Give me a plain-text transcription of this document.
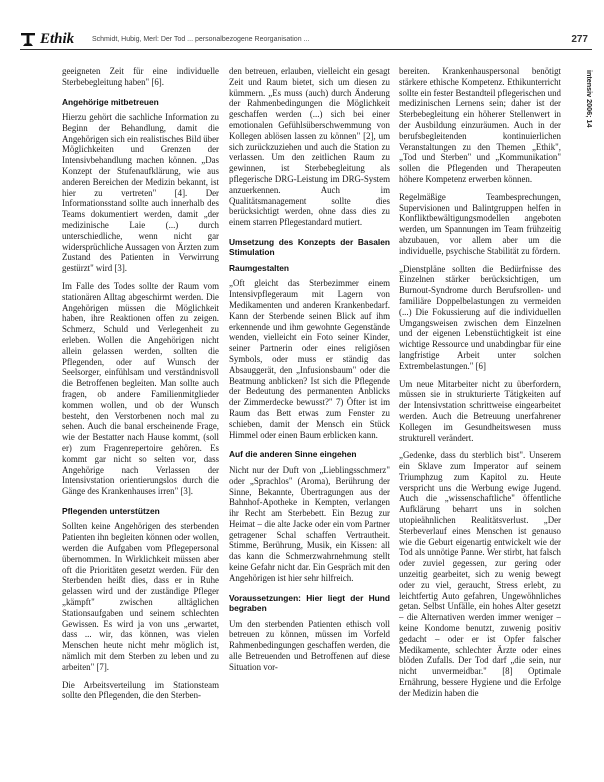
Ethik	Schmidt, Hubig, Merl: Der Tod ... personalbezogene Reorganisation ...	277
intensiv 2006; 14

geeigneten Zeit für eine individuelle Sterbebegleitung haben" [6].

Angehörige mitbetreuen

Hierzu gehört die sachliche Information zu Beginn der Behandlung, damit die Angehörigen sich ein realistisches Bild über Möglichkeiten und Grenzen der Intensivbehandlung machen können. „Das Konzept der Stufenaufklärung, wie aus anderen Bereichen der Medizin bekannt, ist hier zu vertreten" [4]. Der Informationsstand sollte auch innerhalb des Teams dokumentiert werden, damit „der medizinische Laie (...) durch unterschiedliche, wenn nicht gar widersprüchliche Aussagen von Ärzten zum Zustand des Patienten in Verwirrung gestürzt" wird [3].

Im Falle des Todes sollte der Raum vom stationären Alltag abgeschirmt werden. Die Angehörigen müssen die Möglichkeit haben, ihre Reaktionen offen zu zeigen. Schmerz, Schuld und Verlegenheit zu erleben. Wollen die Angehörigen nicht allein gelassen werden, sollten die Pflegenden, oder auf Wunsch der Seelsorger, einfühlsam und verständnisvoll die Betroffenen begleiten. Man sollte auch fragen, ob andere Familienmitglieder kommen wollen, und ob der Wunsch besteht, den Verstorbenen noch mal zu sehen. Auch die banal erscheinende Frage, wie der Bestatter nach Hause kommt, (soll er) zum Fragenrepertoire gehören. Es kommt gar nicht so selten vor, dass Angehörige nach Verlassen der Intensivstation orientierungslos durch die Gänge des Krankenhauses irren" [3].

Pflegenden unterstützen

Sollten keine Angehörigen des sterbenden Patienten ihn begleiten können oder wollen, werden die Aufgaben vom Pflegepersonal übernommen. In Wirklichkeit müssen aber oft die Prioritäten gesetzt werden. Für den Sterbenden heißt dies, dass er in Ruhe gelassen wird und der zuständige Pfleger „kämpft" zwischen alltäglichen Stationsaufgaben und seinem schlechten Gewissen. Es wird ja von uns „erwartet, dass ... wir, das können, was vielen Menschen heute nicht mehr möglich ist, nämlich mit dem Sterben zu leben und zu arbeiten" [7].

Die Arbeitsverteilung im Stationsteam sollte den Pflegenden, die den Sterben-

den betreuen, erlauben, vielleicht ein gesagt Zeit und Raum bietet, sich um diesen zu kümmern. „Es muss (auch) durch Änderung der Rahmenbedingungen die Möglichkeit geschaffen werden (...) sich bei einer emotionalen Gefühlsüberschwemmung von Kollegen ablösen lassen zu können" [2], um sich zurückzuziehen und auch die Station zu verlassen. Um den zeitlichen Raum zu gewinnen, ist Sterbebegleitung als pflegerische DRG-Leistung im DRG-System anzuerkennen. Auch im Qualitätsmanagement sollte dies berücksichtigt werden, ohne dass dies zu einem starren Pflegestandard mutiert.

Umsetzung des Konzepts der Basalen Stimulation
Raumgestalten

„Oft gleicht das Sterbezimmer einem Intensivpflegeraum mit Lagern von Medikamenten und anderen Krankenbedarf. Kann der Sterbende seinen Blick auf ihm erkennende und ihm gewohnte Gegenstände wenden, vielleicht ein Foto seiner Kinder, seiner Partnerin oder eines religiösen Symbols, oder muss er ständig das Absauggerät, den „Infusionsbaum" oder die Beatmung anblicken? Ist sich die Pflegende der Bedeutung des permanenten Anblicks der Zimmerdecke bewusst?" 7) Öfter ist im Raum das Bett etwas zum Fenster zu schieben, damit der Mensch ein Stück Himmel oder einen Baum erblicken kann.

Auf die anderen Sinne eingehen

Nicht nur der Duft von „Lieblingsschmerz" oder „Sprachlos" (Aroma), Berührung der Sinne, Bekannte, Übertragungen aus der Bahnhof-Apotheke in Kempten, verlangen ihr Recht am Sterbebett. Ein Bezug zur Heimat – die alte Jacke oder ein vom Partner getragener Schal schaffen Vertrautheit. Stimme, Berührung, Musik, ein Kissen: all das kann die Schmerzwahrnehmung stellt keine Gefahr nicht dar. Ein Gespräch mit den Angehörigen ist hier sehr hilfreich.

Voraussetzungen: Hier liegt der Hund begraben

Um den sterbenden Patienten ethisch voll betreuen zu können, müssen im Vorfeld Rahmenbedingungen geschaffen werden, die alle Betreuenden und Betroffenen auf diese Situation vor-

bereiten. Krankenhauspersonal benötigt stärkere ethische Kompetenz. Ethikunterricht sollte ein fester Bestandteil pflegerischen und medizinischen Lernens sein; daher ist der Sterbebegleitung ein höherer Stellenwert in der Ausbildung einzuräumen. Auch in der berufsbegleitenden kontinuierlichen Veranstaltungen zu den Themen „Ethik", „Tod und Sterben" und „Kommunikation" sollen die Pflegenden und Therapeuten höhere Kompetenz erwerben können.

Regelmäßige Teambesprechungen, Supervisionen und Balintgruppen helfen in Konfliktbewältigungsmodellen angeboten werden, um Spannungen im Team frühzeitig abzubauen, vor allem aber um die individuelle, psychische Stabilität zu fördern.

„Dienstpläne sollten die Bedürfnisse des Einzelnen stärker berücksichtigen, um Burnout-Syndrome durch Berufsrollen- und familiäre Doppelbelastungen zu vermeiden (...) Die Fokussierung auf die individuellen Umgangsweisen zwischen dem Einzelnen und der eigenen Lebenstüchtigkeit ist eine wichtige Ressource und unabdingbar für eine langfristige Arbeit unter solchen Extrembelastungen." [6]

Um neue Mitarbeiter nicht zu überfordern, müssen sie in strukturierte Tätigkeiten auf der Intensivstation schrittweise eingearbeitet werden. Auch die Betreuung unerfahrener Kollegen im Gesundheitswesen muss strukturell verändert.

„Gedenke, dass du sterblich bist". Unserem ein Sklave zum Imperator auf seinem Triumphzug zum Kapitol zu. Heute verspricht uns die Werbung ewige Jugend. Auch die „wissenschaftliche" öffentliche Aufklärung beharrt uns in solchen utopieähnlichen Realitätsverlust. „Der Sterbeverlauf eines Menschen ist genauso wie die Geburt eigenartig entwickelt wie der Tod als unnötige Panne. Wer stirbt, hat falsch oder zuviel gegessen, zur gering oder unzeitig gearbeitet, sich zu wenig bewegt oder zu viel, geraucht, Stress erlebt, zu leichtfertig Auto gefahren, Ungewöhnliches getan. Selbst Unfälle, ein hohes Alter gesetzt – die Alternativen werden immer weniger – keine Kondome benutzt, zuwenig positiv gedacht – oder er ist Opfer falscher Medikamente, schlechter Ärzte oder eines blöden Zufalls. Der Tod darf „die sein, nur nicht unvermeidbar." [8] Optimale Ernährung, bessere Hygiene und die Erfolge der Medizin haben die
